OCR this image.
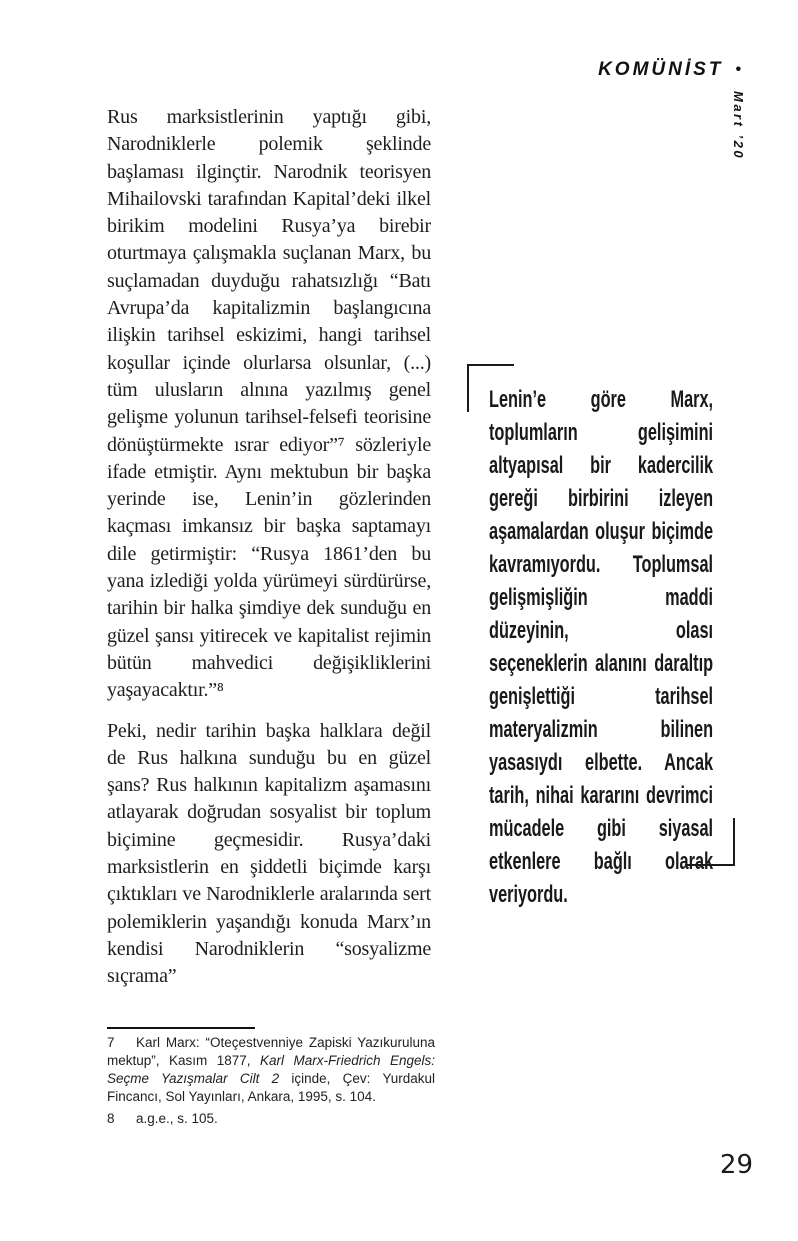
KOMÜNİST •
Mart ’20

Rus marksistlerinin yaptığı gibi, Narodniklerle polemik şeklinde başlaması ilginçtir. Narodnik teorisyen Mihailovski tarafından Kapital’deki ilkel birikim modelini Rusya’ya birebir oturtmaya çalışmakla suçlanan Marx, bu suçlamadan duyduğu rahatsızlığı “Batı Avrupa’da kapitalizmin başlangıcına ilişkin tarihsel eskizimi, hangi tarihsel koşullar içinde olurlarsa olsunlar, (...) tüm ulusların alnına yazılmış genel gelişme yolunun tarihsel-felsefi teorisine dönüştürmekte ısrar ediyor”⁷ sözleriyle ifade etmiştir. Aynı mektubun bir başka yerinde ise, Lenin’in gözlerinden kaçması imkansız bir başka saptamayı dile getirmiştir: “Rusya 1861’den bu yana izlediği yolda yürümeyi sürdürürse, tarihin bir halka şimdiye dek sunduğu en güzel şansı yitirecek ve kapitalist rejimin bütün mahvedici değişikliklerini yaşayacaktır.”⁸

Peki, nedir tarihin başka halklara değil de Rus halkına sunduğu bu en güzel şans? Rus halkının kapitalizm aşamasını atlayarak doğrudan sosyalist bir toplum biçimine geçmesidir. Rusya’daki marksistlerin en şiddetli biçimde karşı çıktıkları ve Narodniklerle aralarında sert polemiklerin yaşandığı konuda Marx’ın kendisi Narodniklerin “sosyalizme sıçrama”

Lenin’e göre Marx, toplumların gelişimini altyapısal bir kadercilik gereği birbirini izleyen aşamalardan oluşur biçimde kavramıyordu. Toplumsal gelişmişliğin maddi düzeyinin, olası seçeneklerin alanını daraltıp genişlettiği tarihsel materyalizmin bilinen yasasıydı elbette. Ancak tarih, nihai kararını devrimci mücadele gibi siyasal etkenlere bağlı olarak veriyordu.

7 Karl Marx: “Oteçestvenniye Zapiski Yazıkuruluna mektup”, Kasım 1877, Karl Marx-Friedrich Engels: Seçme Yazışmalar Cilt 2 içinde, Çev: Yurdakul Fincancı, Sol Yayınları, Ankara, 1995, s. 104.

8 a.g.e., s. 105.

29
